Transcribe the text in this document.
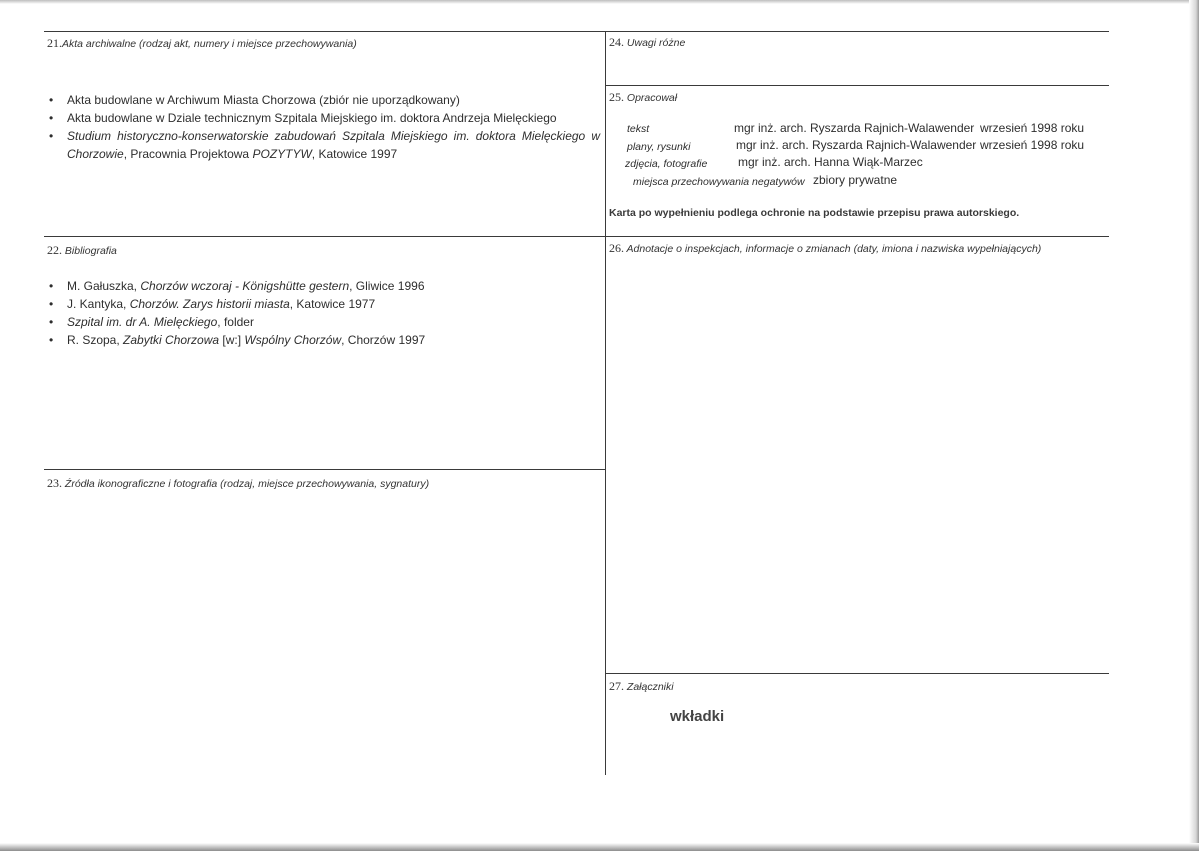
21.Akta archiwalne (rodzaj akt, numery i miejsce przechowywania)
• Akta budowlane w Archiwum Miasta Chorzowa (zbiór nie uporządkowany)
• Akta budowlane w Dziale technicznym Szpitala Miejskiego im. doktora Andrzeja Mielęckiego
• Studium historyczno-konserwatorskie zabudowań Szpitala Miejskiego im. doktora Mielęckiego w Chorzowie, Pracownia Projektowa POZYTYW, Katowice 1997
22. Bibliografia
• M. Gałuszka, Chorzów wczoraj - Königshütte gestern, Gliwice 1996
• J. Kantyka, Chorzów. Zarys historii miasta, Katowice 1977
• Szpital im. dr A. Mielęckiego, folder
• R. Szopa, Zabytki Chorzowa [w:] Wspólny Chorzów, Chorzów 1997
23. Źródła ikonograficzne i fotografia (rodzaj, miejsce przechowywania, sygnatury)
24. Uwagi różne
25. Opracował
tekst	mgr inż. arch. Ryszarda Rajnich-Walawender wrzesień 1998 roku
plany, rysunki	mgr inż. arch. Ryszarda Rajnich-Walawender wrzesień 1998 roku
zdjęcia, fotografie	mgr inż. arch. Hanna Wiąk-Marzec
miejsca przechowywania negatywów zbiory prywatne
Karta po wypełnieniu podlega ochronie na podstawie przepisu prawa autorskiego.
26. Adnotacje o inspekcjach, informacje o zmianach (daty, imiona i nazwiska wypełniających)
27. Załączniki
wkładki
